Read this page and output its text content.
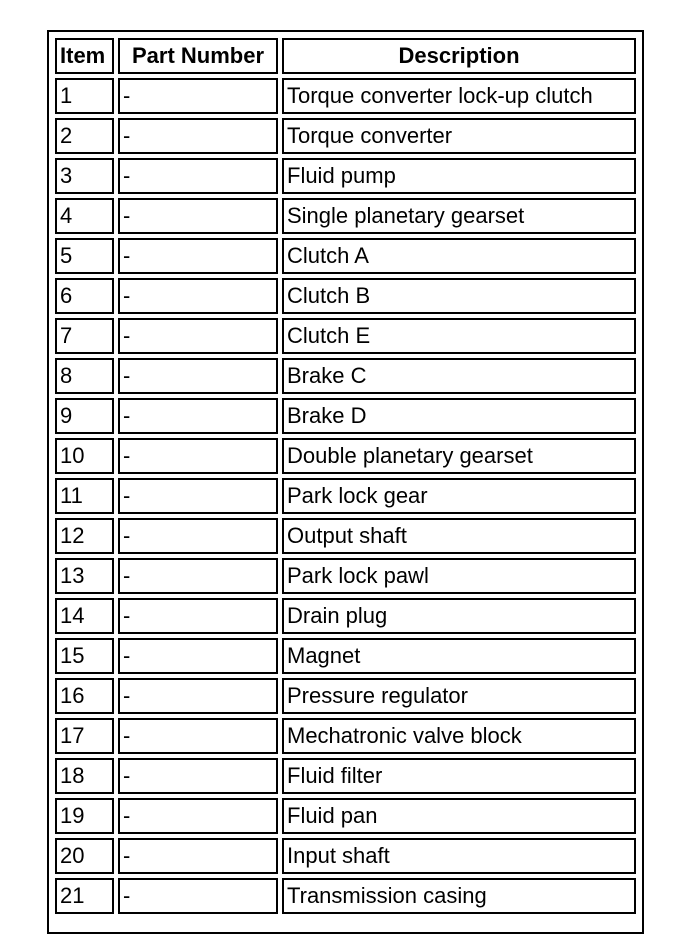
Item	Part Number	Description
1	-	Torque converter lock-up clutch
2	-	Torque converter
3	-	Fluid pump
4	-	Single planetary gearset
5	-	Clutch A
6	-	Clutch B
7	-	Clutch E
8	-	Brake C
9	-	Brake D
10	-	Double planetary gearset
11	-	Park lock gear
12	-	Output shaft
13	-	Park lock pawl
14	-	Drain plug
15	-	Magnet
16	-	Pressure regulator
17	-	Mechatronic valve block
18	-	Fluid filter
19	-	Fluid pan
20	-	Input shaft
21	-	Transmission casing
